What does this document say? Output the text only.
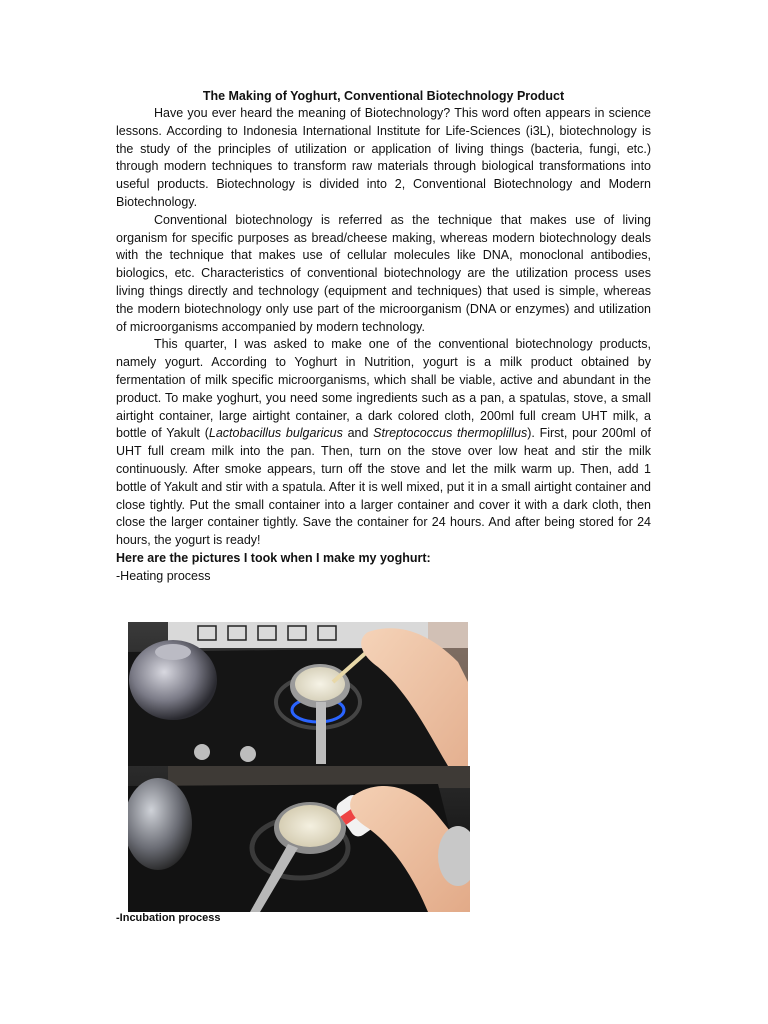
The Making of Yoghurt, Conventional Biotechnology Product

Have you ever heard the meaning of Biotechnology? This word often appears in science lessons. According to Indonesia International Institute for Life-Sciences (i3L), biotechnology is the study of the principles of utilization or application of living things (bacteria, fungi, etc.) through modern techniques to transform raw materials through biological transformations into useful products. Biotechnology is divided into 2, Conventional Biotechnology and Modern Biotechnology.

Conventional biotechnology is referred as the technique that makes use of living organism for specific purposes as bread/cheese making, whereas modern biotechnology deals with the technique that makes use of cellular molecules like DNA, monoclonal antibodies, biologics, etc. Characteristics of conventional biotechnology are the utilization process uses living things directly and technology (equipment and techniques) that used is simple, whereas the modern biotechnology only use part of the microorganism (DNA or enzymes) and utilization of microorganisms accompanied by modern technology.

This quarter, I was asked to make one of the conventional biotechnology products, namely yogurt. According to Yoghurt in Nutrition, yogurt is a milk product obtained by fermentation of milk specific microorganisms, which shall be viable, active and abundant in the product. To make yoghurt, you need some ingredients such as a pan, a spatulas, stove, a small airtight container, large airtight container, a dark colored cloth, 200ml full cream UHT milk, a bottle of Yakult (Lactobacillus bulgaricus and Streptococcus thermoplillus). First, pour 200ml of UHT full cream milk into the pan. Then, turn on the stove over low heat and stir the milk continuously. After smoke appears, turn off the stove and let the milk warm up. Then, add 1 bottle of Yakult and stir with a spatula. After it is well mixed, put it in a small airtight container and close tightly. Put the small container into a larger container and cover it with a dark cloth, then close the larger container tightly. Save the container for 24 hours. And after being stored for 24 hours, the yogurt is ready!

Here are the pictures I took when I make my yoghurt:

-Heating process

-Incubation process
